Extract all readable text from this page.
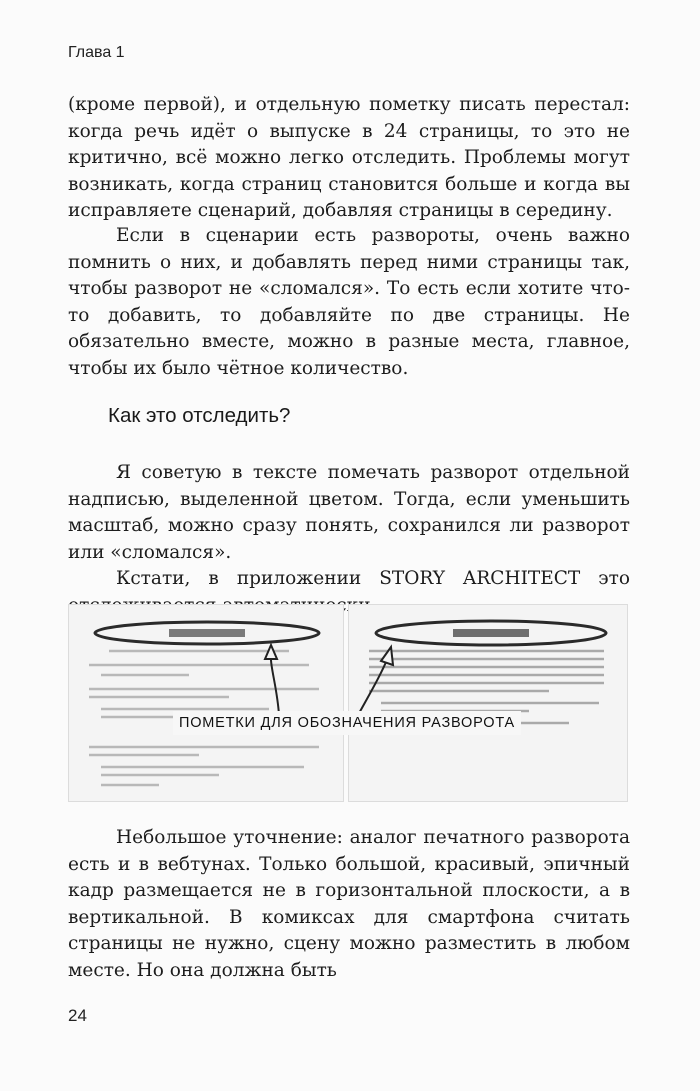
Глава 1

(кроме первой), и отдельную пометку писать перестал: когда речь идёт о выпуске в 24 страницы, то это не критично, всё можно легко отследить. Проблемы могут возникать, когда страниц становится больше и когда вы исправляете сценарий, добавляя страницы в середину.

Если в сценарии есть развороты, очень важно помнить о них, и добавлять перед ними страницы так, чтобы разворот не «сломался». То есть если хотите что-то добавить, то добавляйте по две страницы. Не обязательно вместе, можно в разные места, главное, чтобы их было чётное количество.

Как это отследить?

Я советую в тексте помечать разворот отдельной надписью, выделенной цветом. Тогда, если уменьшить масштаб, можно сразу понять, сохранился ли разворот или «сломался».

Кстати, в приложении STORY ARCHITECT это

ПОМЕТКИ ДЛЯ ОБОЗНАЧЕНИЯ РАЗВОРОТА

Небольшое уточнение: аналог печатного разворота есть и в вебтунах. Только большой, красивый, эпичный кадр размещается не в горизонтальной плоскости, а в вертикальной. В комиксах для смартфона считать страницы не нужно, сцену можно разместить в любом месте. Но она должна быть

24
